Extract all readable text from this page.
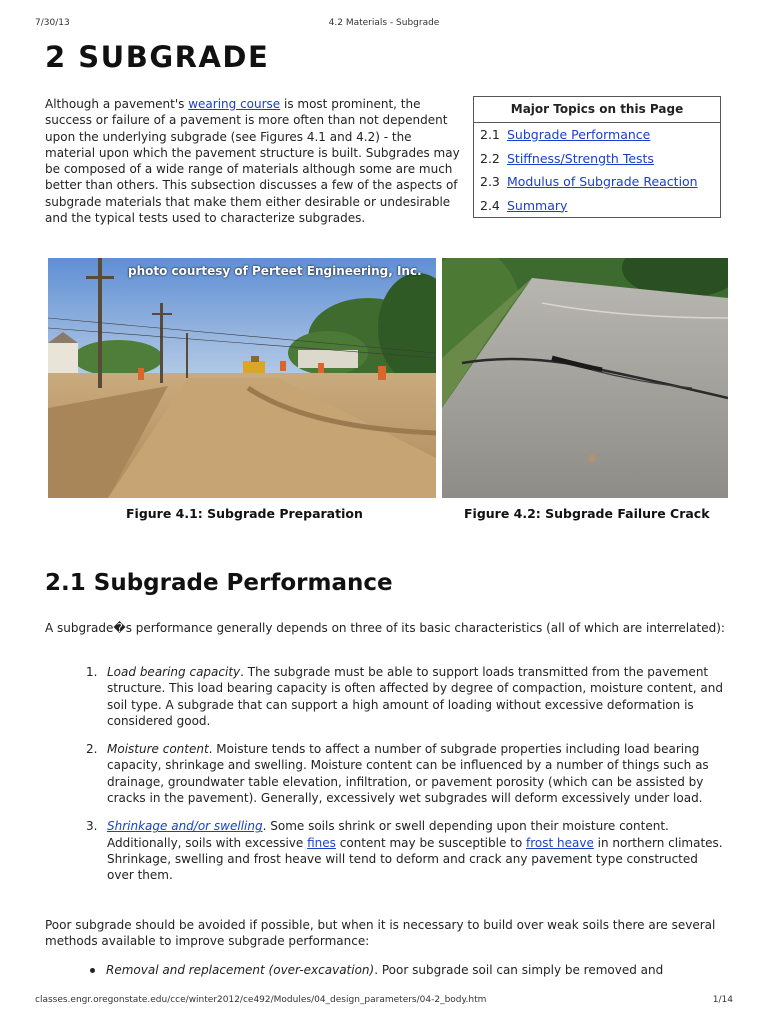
7/30/13	4.2 Materials - Subgrade
2 SUBGRADE
Although a pavement's wearing course is most prominent, the success or failure of a pavement is more often than not dependent upon the underlying subgrade (see Figures 4.1 and 4.2) - the material upon which the pavement structure is built. Subgrades may be composed of a wide range of materials although some are much better than others. This subsection discusses a few of the aspects of subgrade materials that make them either desirable or undesirable and the typical tests used to characterize subgrades.
Major Topics on this Page
2.1 Subgrade Performance
2.2 Stiffness/Strength Tests
2.3 Modulus of Subgrade Reaction
2.4 Summary
photo courtesy of Perteet Engineering, Inc.
Figure 4.1: Subgrade Preparation	Figure 4.2: Subgrade Failure Crack
2.1 Subgrade Performance

A subgrade�s performance generally depends on three of its basic characteristics (all of which are interrelated):

1. Load bearing capacity. The subgrade must be able to support loads transmitted from the pavement structure. This load bearing capacity is often affected by degree of compaction, moisture content, and soil type. A subgrade that can support a high amount of loading without excessive deformation is considered good.
2. Moisture content. Moisture tends to affect a number of subgrade properties including load bearing capacity, shrinkage and swelling. Moisture content can be influenced by a number of things such as drainage, groundwater table elevation, infiltration, or pavement porosity (which can be assisted by cracks in the pavement). Generally, excessively wet subgrades will deform excessively under load.
3. Shrinkage and/or swelling. Some soils shrink or swell depending upon their moisture content. Additionally, soils with excessive fines content may be susceptible to frost heave in northern climates. Shrinkage, swelling and frost heave will tend to deform and crack any pavement type constructed over them.

Poor subgrade should be avoided if possible, but when it is necessary to build over weak soils there are several methods available to improve subgrade performance:

Removal and replacement (over-excavation). Poor subgrade soil can simply be removed and
classes.engr.oregonstate.edu/cce/winter2012/ce492/Modules/04_design_parameters/04-2_body.htm	1/14
